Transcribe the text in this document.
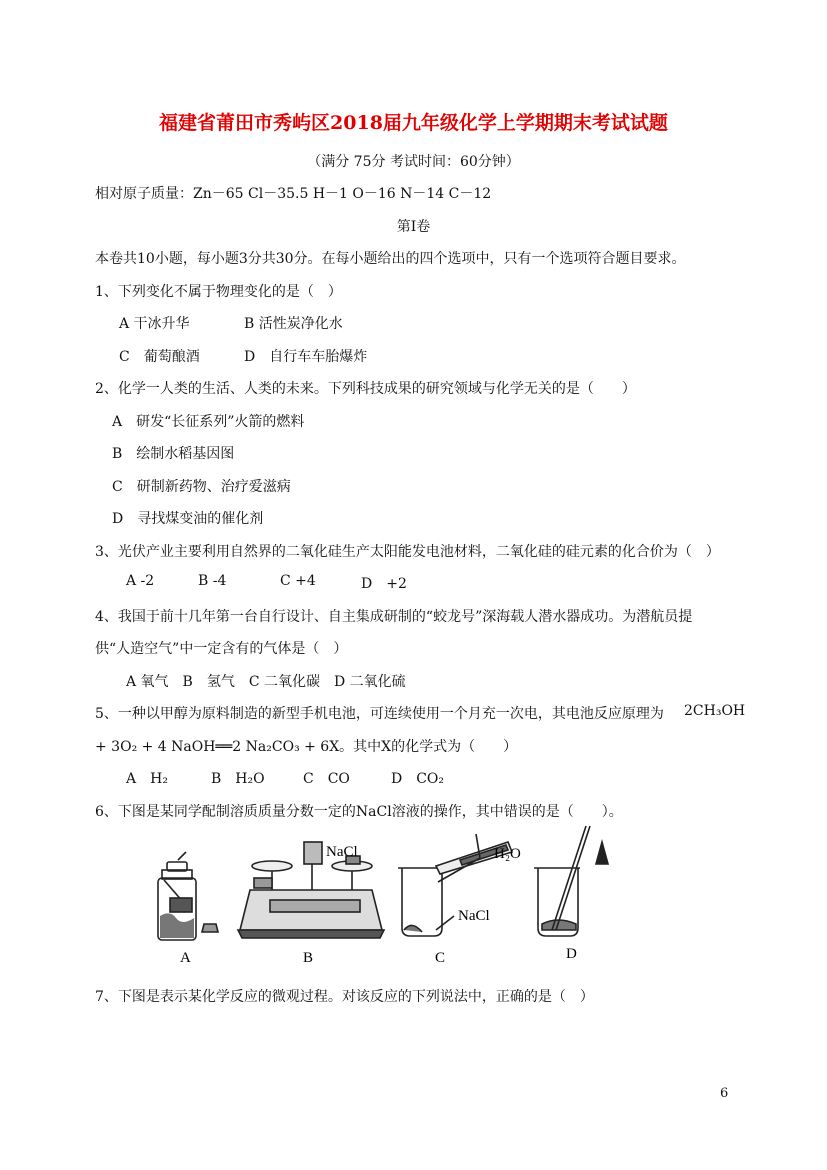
福建省莆田市秀屿区2018届九年级化学上学期期末考试试题
（满分 75分 考试时间：60分钟）
相对原子质量：Zn－65 Cl－35.5 H－1 O－16 N－14 C－12
第Ⅰ卷
本卷共10小题，每小题3分共30分。在每小题给出的四个选项中，只有一个选项符合题目要求。
1、下列变化不属于物理变化的是（　）
A 干冰升华	B 活性炭净化水
C　葡萄酿酒	D　自行车车胎爆炸
2、化学一人类的生活、人类的未来。下列科技成果的研究领域与化学无关的是（　　）
A　研发“长征系列”火箭的燃料
B　绘制水稻基因图
C　研制新药物、治疗爱滋病
D　寻找煤变油的催化剂
3、光伏产业主要利用自然界的二氧化硅生产太阳能发电池材料，二氧化硅的硅元素的化合价为（　）
A -2	B -4	C +4	D　+2
4、我国于前十几年第一台自行设计、自主集成研制的“蛟龙号”深海载人潜水器成功。为潜航员提
供“人造空气”中一定含有的气体是（　）
A 氧气　B　氢气　C 二氧化碳　D 二氧化硫
5、一种以甲醇为原料制造的新型手机电池，可连续使用一个月充一次电，其电池反应原理为 2CH₃OH
+ 3O₂ + 4 NaOH══2 Na₂CO₃ + 6X。其中X的化学式为（　　）
A　H₂	B　H₂O	C　CO	D　CO₂
6、下图是某同学配制溶质质量分数一定的NaCl溶液的操作，其中错误的是（　　）。
A	B	C	D
NaCl	H₂O
NaCl
7、下图是表示某化学反应的微观过程。对该反应的下列说法中，正确的是（　）
6
